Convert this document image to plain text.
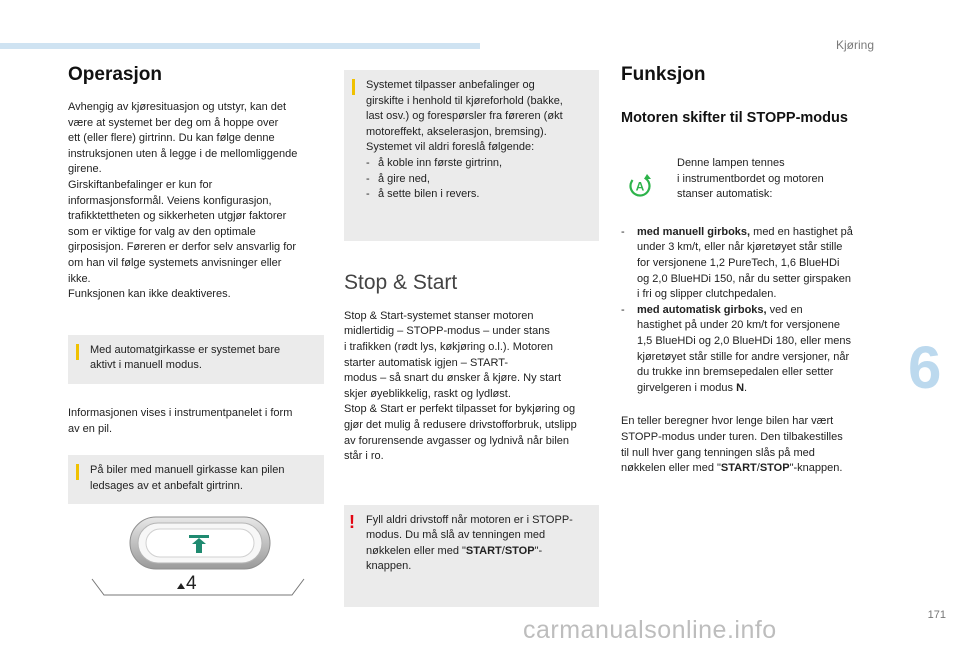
Kjøring
6
171
carmanualsonline.info
Operasjon

Avhengig av kjøresituasjon og utstyr, kan det
være at systemet ber deg om å hoppe over
ett (eller flere) girtrinn. Du kan følge denne
instruksjonen uten å legge i de mellomliggende
girene.
Girskiftanbefalinger er kun for
informasjonsformål. Veiens konfigurasjon,
trafikktettheten og sikkerheten utgjør faktorer
som er viktige for valg av den optimale
girposisjon. Føreren er derfor selv ansvarlig for
om han vil følge systemets anvisninger eller
ikke.
Funksjonen kan ikke deaktiveres.

Med automatgirkasse er systemet bare
aktivt i manuell modus.

Informasjonen vises i instrumentpanelet i form
av en pil.

På biler med manuell girkasse kan pilen
ledsages av et anbefalt girtrinn.
4
Systemet tilpasser anbefalinger og
girskifte i henhold til kjøreforhold (bakke,
last osv.) og forespørsler fra føreren (økt
motoreffekt, akselerasjon, bremsing).
Systemet vil aldri foreslå følgende:
- å koble inn første girtrinn,
- å gire ned,
- å sette bilen i revers.
Stop & Start

Stop & Start-systemet stanser motoren
midlertidig – STOPP-modus – under stans
i trafikken (rødt lys, køkjøring o.l.). Motoren
starter automatisk igjen – START-
modus – så snart du ønsker å kjøre. Ny start
skjer øyeblikkelig, raskt og lydløst.
Stop & Start er perfekt tilpasset for bykjøring og
gjør det mulig å redusere drivstofforbruk, utslipp
av forurensende avgasser og lydnivå når bilen
står i ro.

! Fyll aldri drivstoff når motoren er i STOPP-
modus. Du må slå av tenningen med
nøkkelen eller med "START/STOP"-
knappen.
Funksjon
Motoren skifter til STOPP-modus
A

Denne lampen tennes
i instrumentbordet og motoren
stanser automatisk:

- med manuell girboks, med en hastighet på
under 3 km/t, eller når kjøretøyet står stille
for versjonene 1,2 PureTech, 1,6 BlueHDi
og 2,0 BlueHDi 150, når du setter girspaken
i fri og slipper clutchpedalen.
- med automatisk girboks, ved en
hastighet på under 20 km/t for versjonene
1,5 BlueHDi og 2,0 BlueHDi 180, eller mens
kjøretøyet står stille for andre versjoner, når
du trukke inn bremsepedalen eller setter
girvelgeren i modus N.

En teller beregner hvor lenge bilen har vært
STOPP-modus under turen. Den tilbakestilles
til null hver gang tenningen slås på med
nøkkelen eller med "START/STOP"-knappen.
